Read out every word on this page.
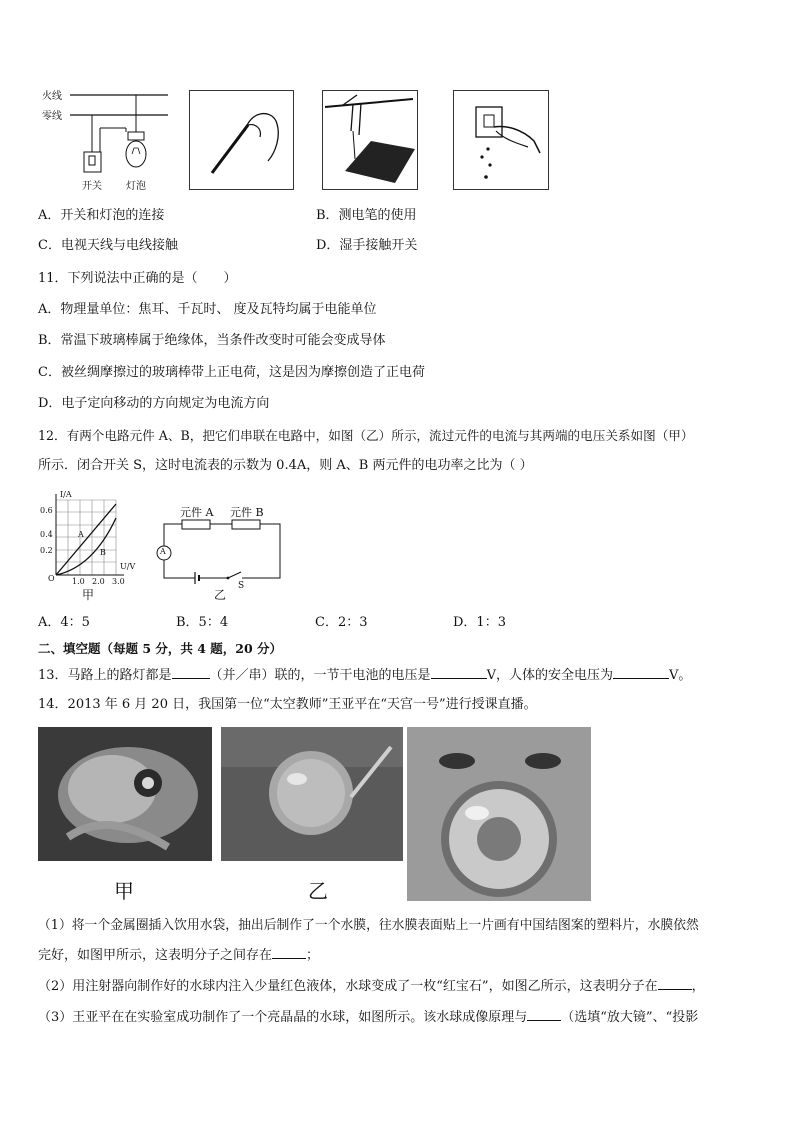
火线
零线
开关 灯泡
A．开关和灯泡的连接	B．测电笔的使用
C．电视天线与电线接触	D．湿手接触开关
11．下列说法中正确的是（　　）
A．物理量单位：焦耳、千瓦时、 度及瓦特均属于电能单位
B．常温下玻璃棒属于绝缘体，当条件改变时可能会变成导体
C．被丝绸摩擦过的玻璃棒带上正电荷，这是因为摩擦创造了正电荷
D．电子定向移动的方向规定为电流方向
12．有两个电路元件 A、B，把它们串联在电路中，如图（乙）所示，流过元件的电流与其两端的电压关系如图（甲）
所示．闭合开关 S，这时电流表的示数为 0.4A，则 A、B 两元件的电功率之比为（ ）
I/A
U/V
0.6
0.4
0.2
O 1.0 2.0 3.0
A
B
甲
元件 A 元件 B
A
S
乙
A．4：5	B．5：4	C．2：3	D．1：3
二、填空题（每题 5 分，共 4 题，20 分）
13．马路上的路灯都是	（并／串）联的，一节干电池的电压是	V，人体的安全电压为	V。
14．2013 年 6 月 20 日，我国第一位“太空教师”王亚平在“天宫一号”进行授课直播。
甲	乙
（1）将一个金属圈插入饮用水袋，抽出后制作了一个水膜，往水膜表面贴上一片画有中国结图案的塑料片，水膜依然
完好，如图甲所示，这表明分子之间存在	；
（2）用注射器向制作好的水球内注入少量红色液体，水球变成了一枚“红宝石”，如图乙所示，这表明分子在	，
（3）王亚平在在实验室成功制作了一个亮晶晶的水球，如图所示。该水球成像原理与	（选填“放大镜”、“投影
